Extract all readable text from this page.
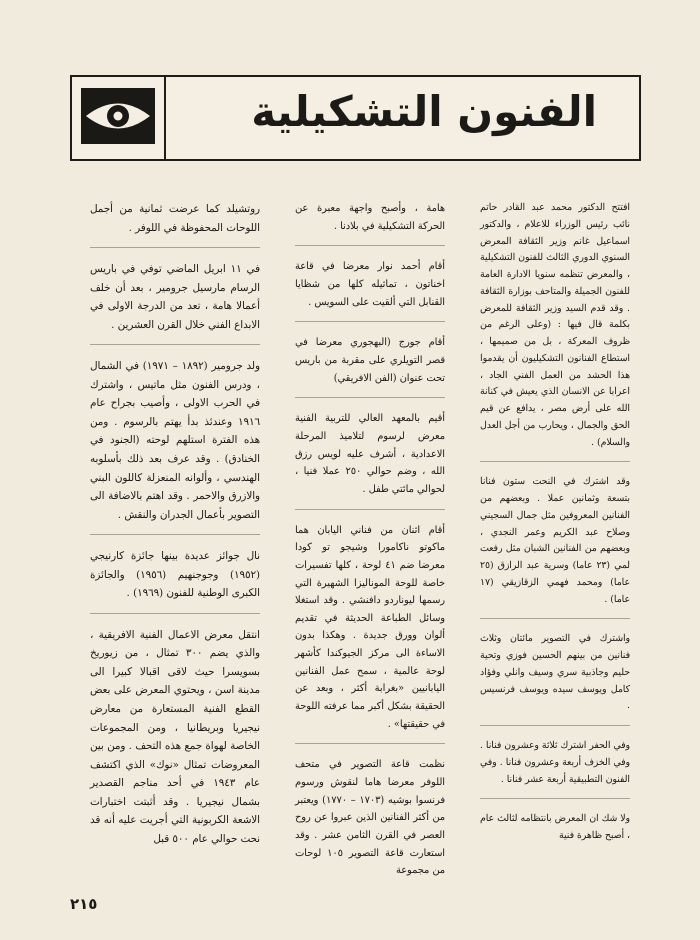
الفنون التشكيلية

افتتح الدكتور محمد عبد القادر حاتم نائب رئيس الوزراء للاعلام ، والدكتور اسماعيل غانم وزير الثقافة المعرض السنوي الدوري الثالث للفنون التشكيلية ، والمعرض تنظمه سنويا الادارة العامة للفنون الجميلة والمتاحف بوزارة الثقافة . وقد قدم السيد وزير الثقافة للمعرض بكلمة قال فيها : (وعلى الرغم من ظروف المعركة ، بل من صميمها ، استطاع الفنانون التشكيليون أن يقدموا هذا الحشد من العمل الفني الجاد ، اعرابا عن الانسان الذي يعيش في كنانة الله على أرض مصر ، يدافع عن قيم الحق والجمال ، ويحارب من أجل العدل والسلام) .

وقد اشترك في النحت ستون فنانا بتسعة وثمانين عملا . وبعضهم من الفنانين المعروفين مثل جمال السجيني وصلاح عبد الكريم وعمر النجدي ، وبعضهم من الفنانين الشبان مثل رفعت لمي (٢٣ عاما) وسرية عبد الرازق (٢٥ عاما) ومحمد فهمي الزقازيقي (١٧ عاما) .

واشترك في التصوير مائتان وثلاث فنانين من بينهم الحسين فوزي وتحية حليم وجاذبية سري وسيف وانلي وفؤاد كامل ويوسف سيده ويوسف فرنسيس .

وفي الحفر اشترك ثلاثة وعشرون فنانا . وفي الخزف أربعة وعشرون فنانا . وفي الفنون التطبيقية أربعة عشر فنانا .

ولا شك ان المعرض بانتظامه لثالث عام ، أصبح ظاهرة فنية

هامة ، وأصبح واجهة معبرة عن الحركة التشكيلية في بلادنا .

أقام أحمد نوار معرضا في قاعة اخناتون ، تماثيله كلها من شظايا القنابل التي ألقيت على السويس .

أقام جورج (البهجوري معرضا في قصر التويلري على مقربة من باريس تحت عنوان (الفن الافريقي)

أقيم بالمعهد العالي للتربية الفنية معرض لرسوم لتلاميذ المرحلة الاعدادية ، أشرف عليه لويس رزق الله ، وضم حوالي ٢٥٠ عملا فنيا ، لحوالي مائتي طفل .

أقام اثنان من فناني اليابان هما ماكوتو ناكامورا وشيجو تو كودا معرضا ضم ٤١ لوحة ، كلها تفسيرات خاصة للوحة الموناليزا الشهيرة التي رسمها ليوناردو دافنشي . وقد استغلا وسائل الطباعة الحديثة في تقديم ألوان وورق جديدة . وهكذا بدون الاساءة الى مركز الجيوكندا كأشهر لوحة عالمية ، سمح عمل الفنانين اليابانيين «بغرابة أكثر ، وبعد عن الحقيقة بشكل أكبر مما عرفته اللوحة في حقيقتها» .

نظمت قاعة التصوير في متحف اللوفر معرضا هاما لنقوش ورسوم فرنسوا بوشيه (١٧٠٣ – ١٧٧٠) ويعتبر من أكثر الفنانين الذين عبروا عن روح العصر في القرن الثامن عشر . وقد استعارت قاعة التصوير ١٠٥ لوحات من مجموعة

روتشيلد كما عرضت ثمانية من أجمل اللوحات المحفوظة في اللوفر .

في ١١ ابريل الماضي توفي في باريس الرسام مارسيل جرومير ، بعد أن خلف أعمالا هامة ، تعد من الدرجة الاولى في الابداع الفني خلال القرن العشرين .

ولد جرومير (١٨٩٢ – ١٩٧١) في الشمال ، ودرس الفنون مثل ماتيس ، واشترك في الحرب الاولى ، وأصيب بجراح عام ١٩١٦ وعندئذ بدأ يهتم بالرسوم . ومن هذه الفترة استلهم لوحته (الجنود في الخنادق) . وقد عرف بعد ذلك بأسلوبه الهندسي ، وألوانه المنعزلة كاللون البني والازرق والاحمر . وقد اهتم بالاضافة الى التصوير بأعمال الجدران والنقش .

نال جوائز عديدة بينها جائزة كارنيجي (١٩٥٢) وجوجنهيم (١٩٥٦) والجائزة الكبرى الوطنية للفنون (١٩٦٩) .

انتقل معرض الاعمال الفنية الافريقية ، والذي يضم ٣٠٠ تمثال ، من زيوريخ بسويسرا حيث لاقى اقبالا كبيرا الى مدينة اسن ، ويحتوي المعرض على بعض القطع الفنية المستعارة من معارض نيجيريا وبريطانيا ، ومن المجموعات الخاصة لهواة جمع هذه التحف . ومن بين المعروضات تمثال «نوك» الذي اكتشف عام ١٩٤٣ في أحد مناجم القصدير بشمال نيجيريا . وقد أثبتت اختبارات الاشعة الكربونية التي أجريت عليه أنه قد نحت حوالي عام ٥٠٠ قبل

٢١٥
